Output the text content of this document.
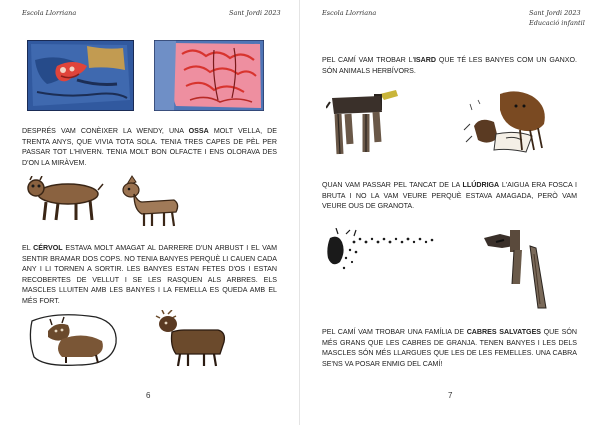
Escola Llorriana	Sant Jordi 2023

DESPRÉS VAM CONÈIXER LA WENDY, UNA OSSA MOLT VELLA, DE TRENTA ANYS, QUE VIVIA TOTA SOLA. TENIA TRES CAPES DE PÈL PER PASSAR TOT L'HIVERN. TENIA MOLT BON OLFACTE I ENS OLORAVA DES D'ON LA MIRÀVEM.

EL CÉRVOL ESTAVA MOLT AMAGAT AL DARRERE D'UN ARBUST I EL VAM SENTIR BRAMAR DOS COPS. NO TENIA BANYES PERQUÈ LI CAUEN CADA ANY I LI TORNEN A SORTIR. LES BANYES ESTAN FETES D'OS I ESTAN RECOBERTES DE VELLUT I SE LES RASQUEN ALS ARBRES. ELS MASCLES LLUITEN AMB LES BANYES I LA FEMELLA ES QUEDA AMB EL MÉS FORT.

6
Escola Llorriana	Sant Jordi 2023
Educació infantil

PEL CAMÍ VAM TROBAR L'ISARD QUE TÉ LES BANYES COM UN GANXO. SÓN ANIMALS HERBÍVORS.

QUAN VAM PASSAR PEL TANCAT DE LA LLÚDRIGA L'AIGUA ERA FOSCA I BRUTA I NO LA VAM VEURE PERQUÈ ESTAVA AMAGADA, PERÒ VAM VEURE OUS DE GRANOTA.

PEL CAMÍ VAM TROBAR UNA FAMÍLIA DE CABRES SALVATGES QUE SÓN MÉS GRANS QUE LES CABRES DE GRANJA. TENEN BANYES I LES DELS MASCLES SÓN MÉS LLARGUES QUE LES DE LES FEMELLES. UNA CABRA SE'NS VA POSAR ENMIG DEL CAMÍ!

7
